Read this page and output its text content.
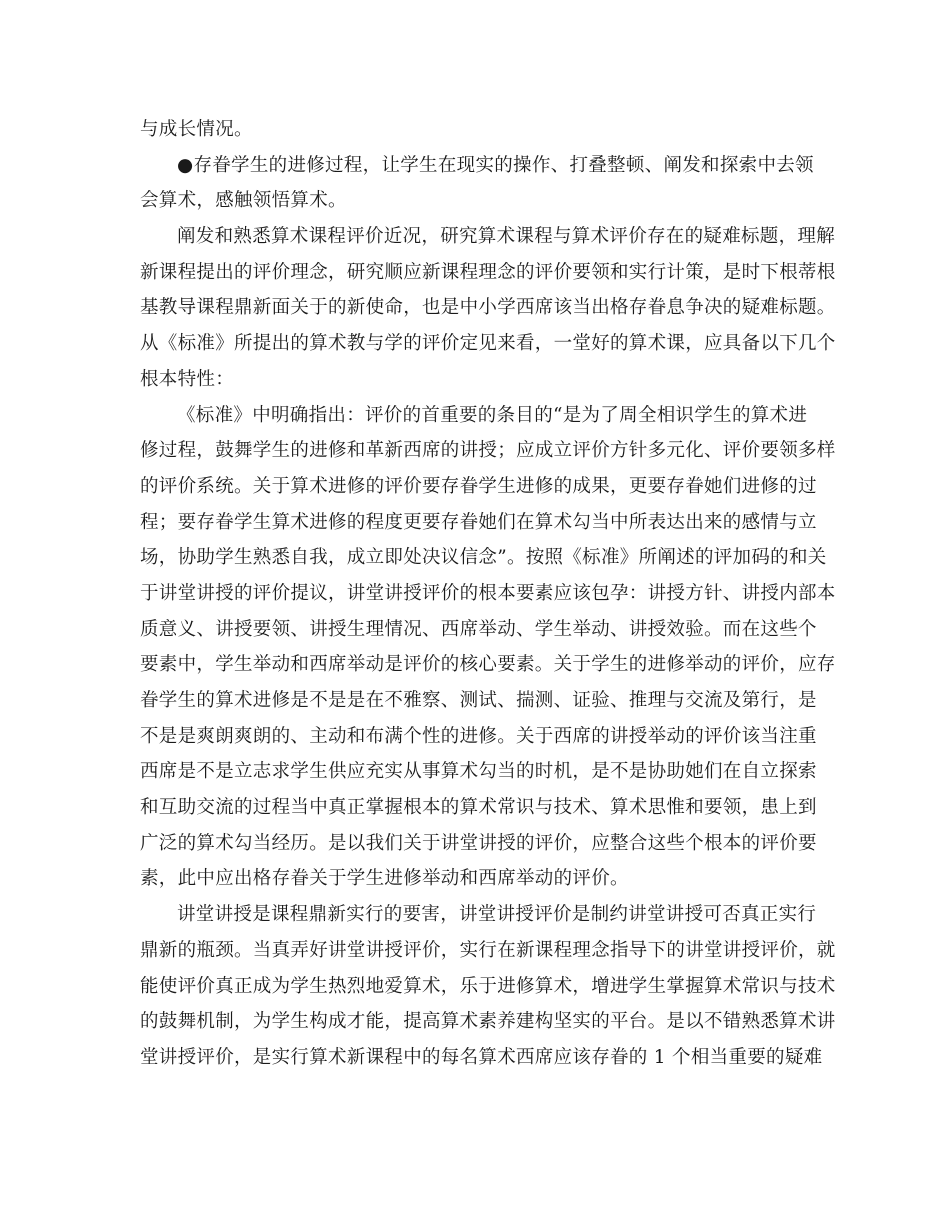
与成长情况。
●存眷学生的进修过程，让学生在现实的操作、打叠整顿、阐发和探索中去领
会算术，感触领悟算术。
阐发和熟悉算术课程评价近况，研究算术课程与算术评价存在的疑难标题，理解
新课程提出的评价理念，研究顺应新课程理念的评价要领和实行计策，是时下根蒂根
基教导课程鼎新面关于的新使命，也是中小学西席该当出格存眷息争决的疑难标题。
从《标准》所提出的算术教与学的评价定见来看，一堂好的算术课，应具备以下几个
根本特性：
《标准》中明确指出：评价的首重要的条目的“是为了周全相识学生的算术进
修过程，鼓舞学生的进修和革新西席的讲授；应成立评价方针多元化、评价要领多样
的评价系统。关于算术进修的评价要存眷学生进修的成果，更要存眷她们进修的过
程；要存眷学生算术进修的程度更要存眷她们在算术勾当中所表达出来的感情与立
场，协助学生熟悉自我，成立即处决议信念”。按照《标准》所阐述的评加码的和关
于讲堂讲授的评价提议，讲堂讲授评价的根本要素应该包孕：讲授方针、讲授内部本
质意义、讲授要领、讲授生理情况、西席举动、学生举动、讲授效验。而在这些个
要素中，学生举动和西席举动是评价的核心要素。关于学生的进修举动的评价，应存
眷学生的算术进修是不是是在不雅察、测试、揣测、证验、推理与交流及第行，是
不是是爽朗爽朗的、主动和布满个性的进修。关于西席的讲授举动的评价该当注重
西席是不是立志求学生供应充实从事算术勾当的时机，是不是协助她们在自立探索
和互助交流的过程当中真正掌握根本的算术常识与技术、算术思惟和要领，患上到
广泛的算术勾当经历。是以我们关于讲堂讲授的评价，应整合这些个根本的评价要
素，此中应出格存眷关于学生进修举动和西席举动的评价。
讲堂讲授是课程鼎新实行的要害，讲堂讲授评价是制约讲堂讲授可否真正实行
鼎新的瓶颈。当真弄好讲堂讲授评价，实行在新课程理念指导下的讲堂讲授评价，就
能使评价真正成为学生热烈地爱算术，乐于进修算术，增进学生掌握算术常识与技术
的鼓舞机制，为学生构成才能，提高算术素养建构坚实的平台。是以不错熟悉算术讲
堂讲授评价，是实行算术新课程中的每名算术西席应该存眷的 1 个相当重要的疑难
